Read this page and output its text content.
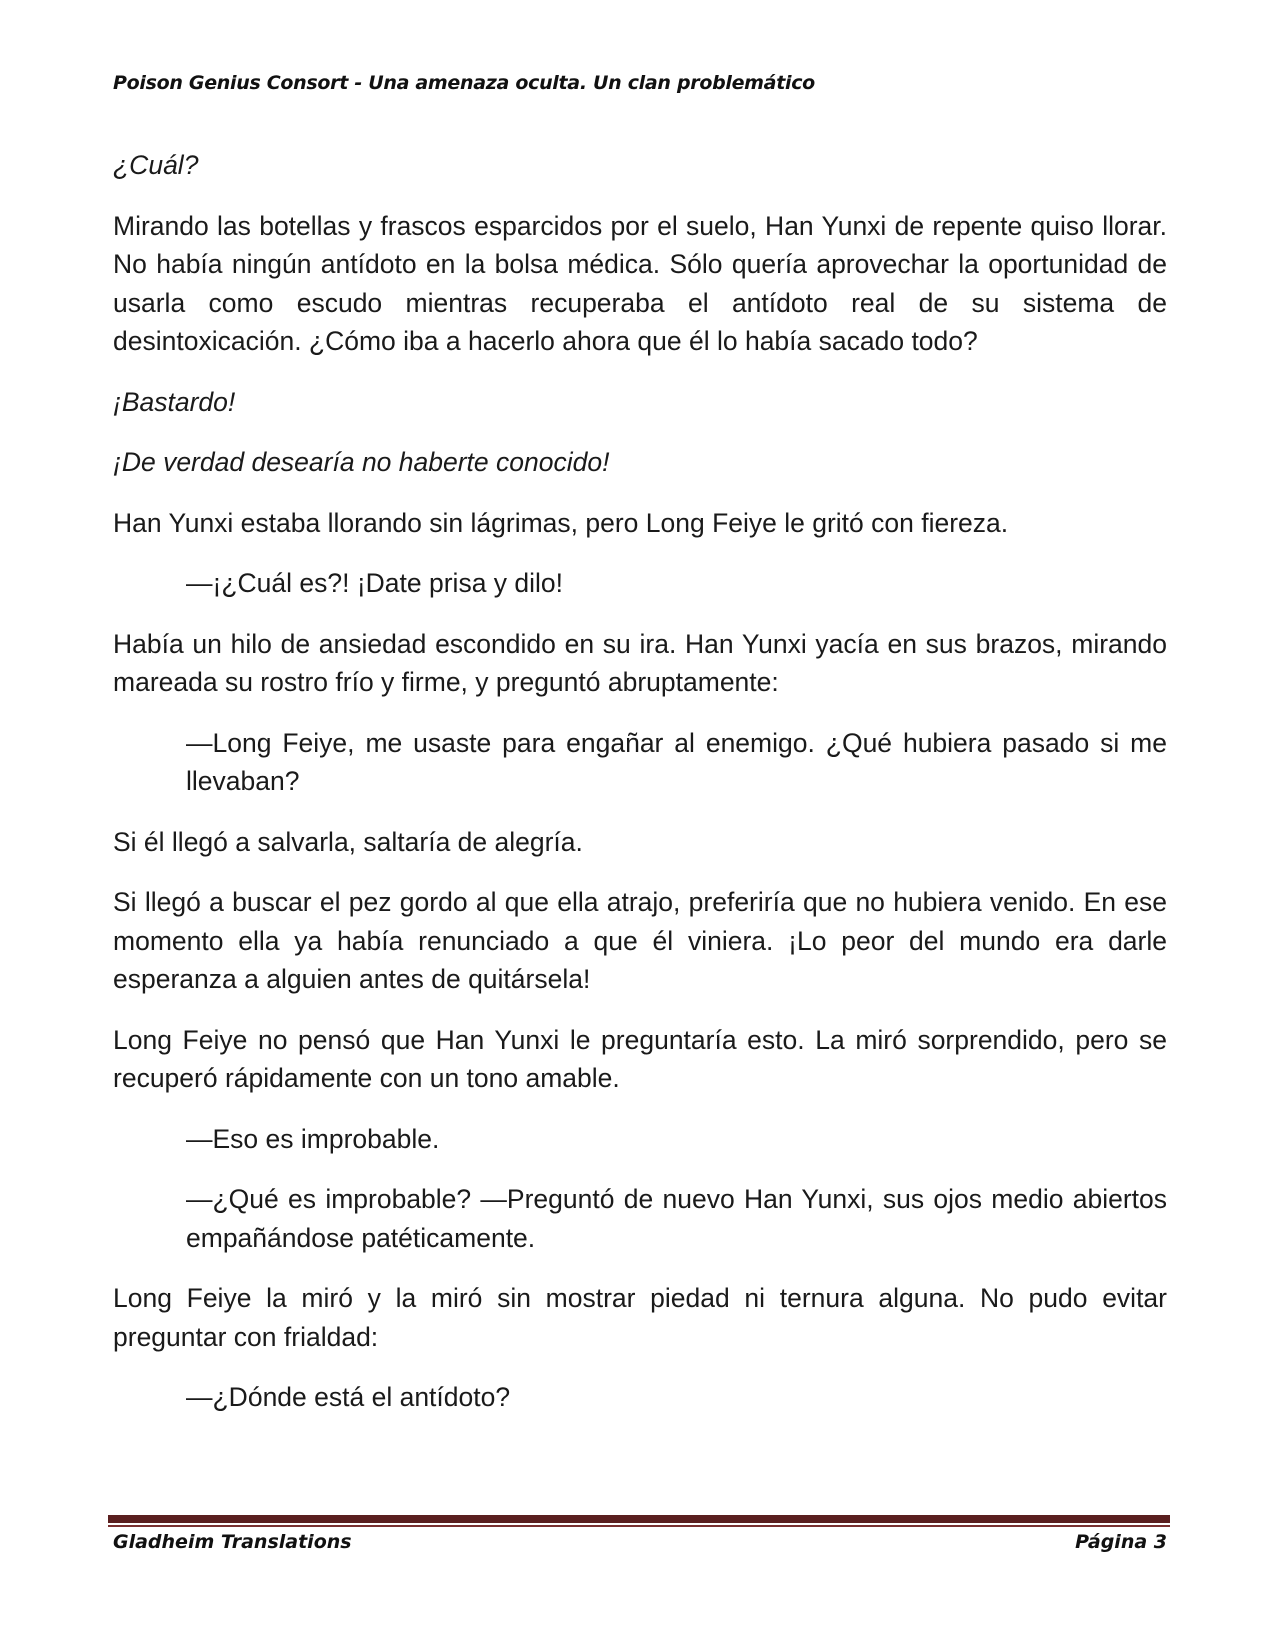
Poison Genius Consort - Una amenaza oculta. Un clan problemático

¿Cuál?

Mirando las botellas y frascos esparcidos por el suelo, Han Yunxi de repente quiso llorar. No había ningún antídoto en la bolsa médica. Sólo quería aprovechar la oportunidad de usarla como escudo mientras recuperaba el antídoto real de su sistema de desintoxicación. ¿Cómo iba a hacerlo ahora que él lo había sacado todo?

¡Bastardo!

¡De verdad desearía no haberte conocido!

Han Yunxi estaba llorando sin lágrimas, pero Long Feiye le gritó con fiereza.

—¡¿Cuál es?! ¡Date prisa y dilo!

Había un hilo de ansiedad escondido en su ira. Han Yunxi yacía en sus brazos, mirando mareada su rostro frío y firme, y preguntó abruptamente:

—Long Feiye, me usaste para engañar al enemigo. ¿Qué hubiera pasado si me llevaban?

Si él llegó a salvarla, saltaría de alegría.

Si llegó a buscar el pez gordo al que ella atrajo, preferiría que no hubiera venido. En ese momento ella ya había renunciado a que él viniera. ¡Lo peor del mundo era darle esperanza a alguien antes de quitársela!

Long Feiye no pensó que Han Yunxi le preguntaría esto. La miró sorprendido, pero se recuperó rápidamente con un tono amable.

—Eso es improbable.

—¿Qué es improbable? —Preguntó de nuevo Han Yunxi, sus ojos medio abiertos empañándose patéticamente.

Long Feiye la miró y la miró sin mostrar piedad ni ternura alguna. No pudo evitar preguntar con frialdad:

—¿Dónde está el antídoto?

Gladheim Translations	Página 3
